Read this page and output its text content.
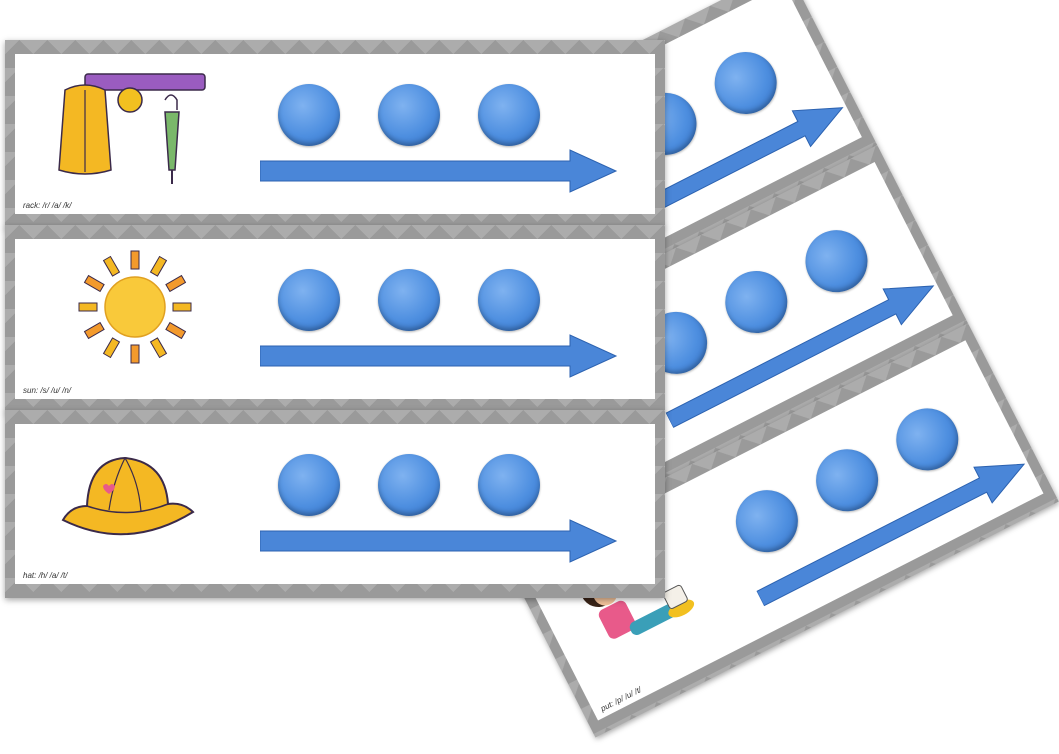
put: /p/ /u/ /t/
rack: /r/ /a/ /k/
sun: /s/ /u/ /n/
hat: /h/ /a/ /t/
